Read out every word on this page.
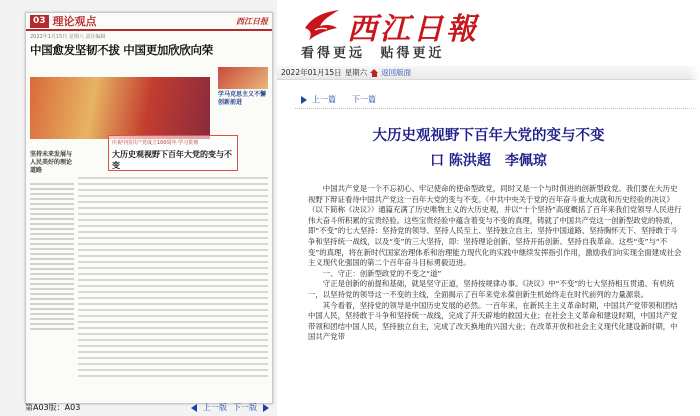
03 理论观点	西江日报
2022年1月15日 星期六 责任编辑
中国愈发坚韧不拔 中国更加欣欣向荣
学马克思主义不懈创新前进
坚持未来发展与人民美好的理论道路
庆祝中国共产党成立100周年·学习贯彻
大历史观视野下百年大党的变与不变
第A03版：A03	上一版 下一版
西江日報
看得更远 贴得更近
2022年01月15日 星期六 返回版面
上一篇 下一篇
大历史观视野下百年大党的变与不变
口 陈洪超　李佩琼

中国共产党是一个不忘初心、牢记使命的使命型政党，同时又是一个与时俱进的创新型政党。我们要在大历史视野下辩证看待中国共产党这一百年大党的变与不变。《中共中央关于党的百年奋斗重大成就和历史经验的决议》（以下简称《决议》）通篇充满了历史唯物主义的大历史观，并以“十个坚持”高度概括了百年来我们党领导人民进行伟大奋斗所积累的宝贵经验。这些宝贵经验中蕴含着变与不变的真理，铸就了中国共产党这一创新型政党的特质，即“不变”的七大坚持：坚持党的领导、坚持人民至上、坚持独立自主、坚持中国道路、坚持胸怀天下、坚持敢于斗争和坚持统一战线，以及“变”的三大坚持，即：坚持理论创新、坚持开拓创新、坚持自我革命。这些“变”与“不变”的真理，将在新时代国家治理体系和治理能力现代化的实践中继续发挥指引作用，激励我们向实现全面建成社会主义现代化强国的第二个百年奋斗目标勇毅迈进。

一、守正：创新型政党的不变之“道”

守正是创新的前提和基础，就是坚守正道，坚持按规律办事。《决议》中“不变”的七大坚持相互贯通、有机统一，以坚持党的领导这一不变的主线，全面揭示了百年来党永葆创新生机始终走在时代前列的力量源泉。

其今看着，坚持党的领导是中国历史发展的必然。一百年来，在新民主主义革命时期，中国共产党带领和团结中国人民，坚持敢于斗争和坚持统一战线，完成了开天辟地的救国大业；在社会主义革命和建设时期，中国共产党带领和团结中国人民，坚持独立自主，完成了改天换地的兴国大业；在改革开放和社会主义现代化建设新时期，中国共产党带
